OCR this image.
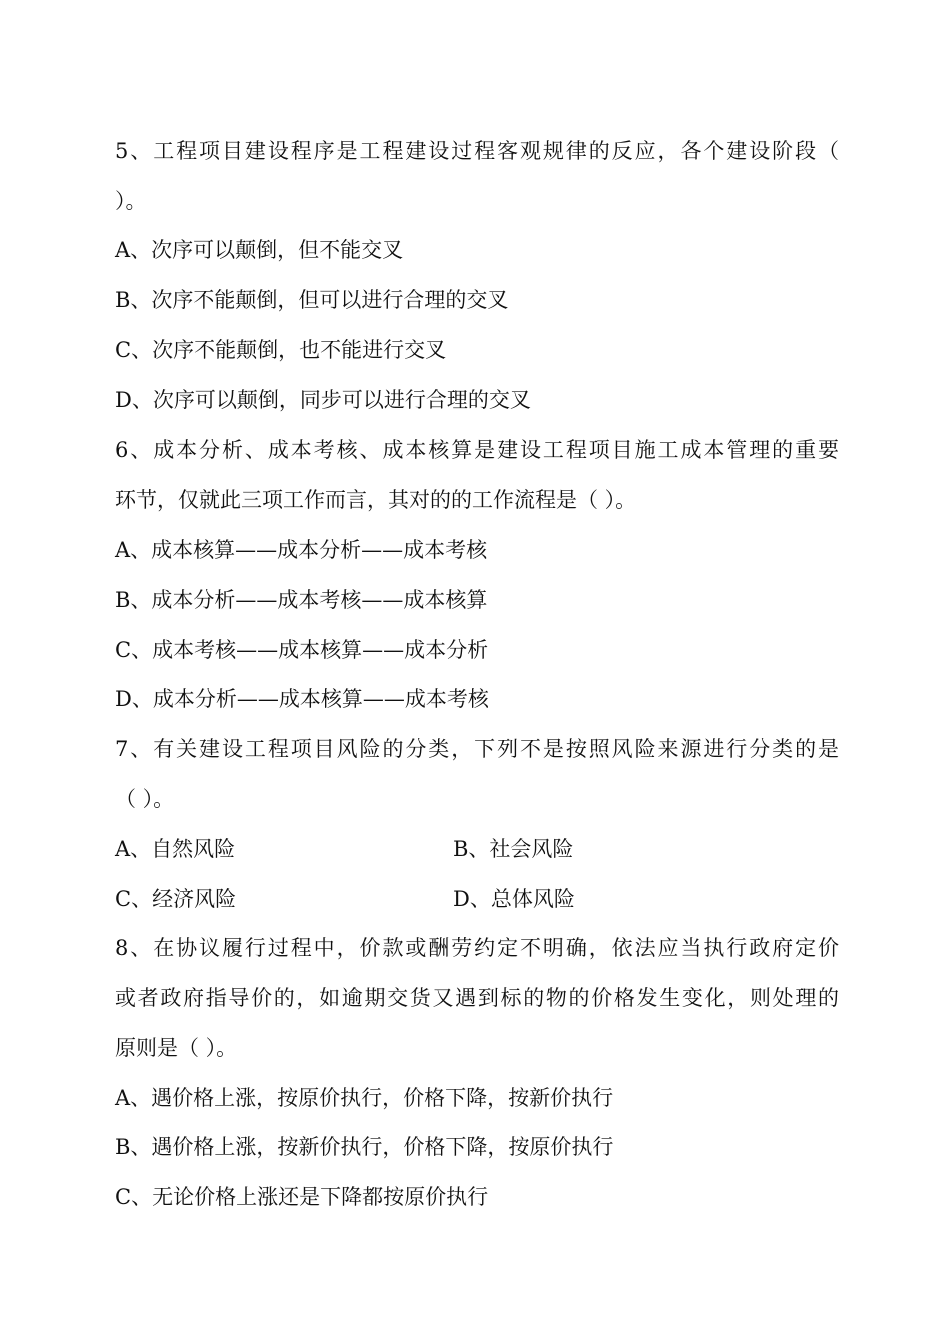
5、工程项目建设程序是工程建设过程客观规律的反应，各个建设阶段（
）。
A、次序可以颠倒，但不能交叉
B、次序不能颠倒，但可以进行合理的交叉
C、次序不能颠倒，也不能进行交叉
D、次序可以颠倒，同步可以进行合理的交叉
6、成本分析、成本考核、成本核算是建设工程项目施工成本管理的重要
环节，仅就此三项工作而言，其对的的工作流程是（ ）。
A、成本核算——成本分析——成本考核
B、成本分析——成本考核——成本核算
C、成本考核——成本核算——成本分析
D、成本分析——成本核算——成本考核
7、有关建设工程项目风险的分类，下列不是按照风险来源进行分类的是
（ ）。
A、自然风险	B、社会风险
C、经济风险	D、总体风险
8、在协议履行过程中，价款或酬劳约定不明确，依法应当执行政府定价
或者政府指导价的，如逾期交货又遇到标的物的价格发生变化，则处理的
原则是（ ）。
A、遇价格上涨，按原价执行，价格下降，按新价执行
B、遇价格上涨，按新价执行，价格下降，按原价执行
C、无论价格上涨还是下降都按原价执行
